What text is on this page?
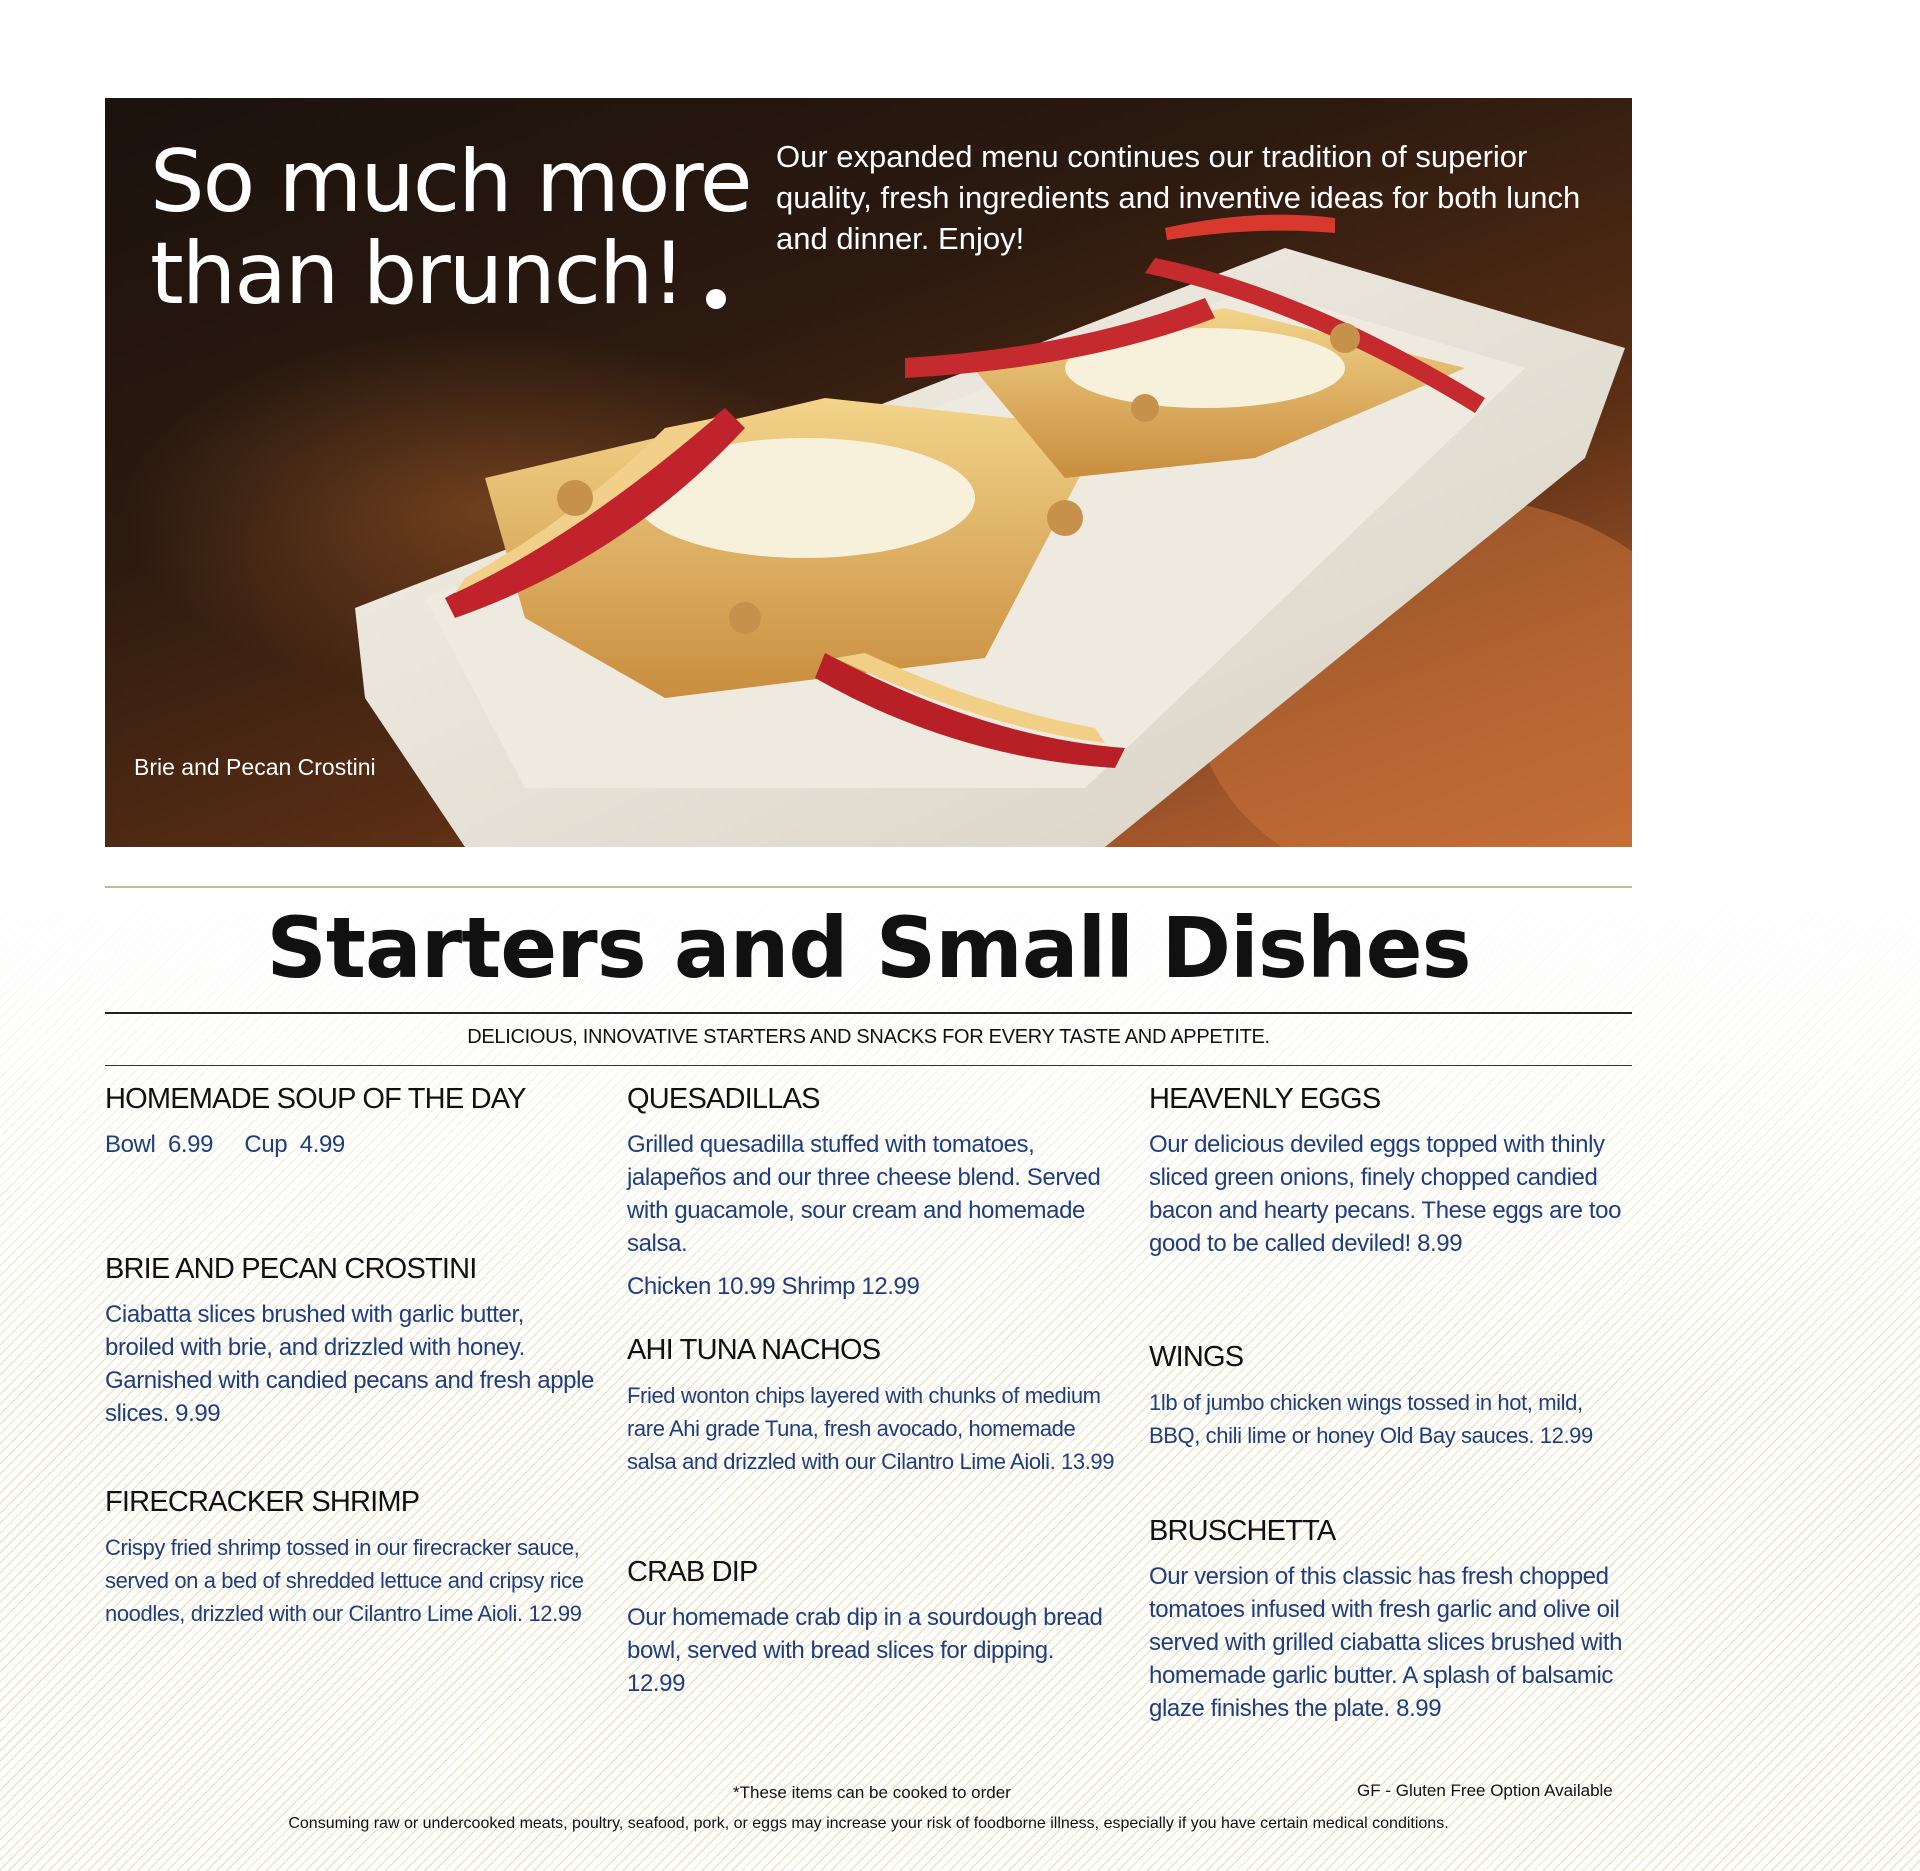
So much more
than brunch!
Our expanded menu continues our tradition of superior quality, fresh ingredients and inventive ideas for both lunch and dinner. Enjoy!
Brie and Pecan Crostini
Starters and Small Dishes
DELICIOUS, INNOVATIVE STARTERS AND SNACKS FOR EVERY TASTE AND APPETITE.
HOMEMADE SOUP OF THE DAY

Bowl  6.99     Cup  4.99

BRIE AND PECAN CROSTINI

Ciabatta slices brushed with garlic butter, broiled with brie, and drizzled with honey. Garnished with candied pecans and fresh apple slices. 9.99

FIRECRACKER SHRIMP

Crispy fried shrimp tossed in our firecracker sauce, served on a bed of shredded lettuce and cripsy rice noodles, drizzled with our Cilantro Lime Aioli. 12.99

QUESADILLAS

Grilled quesadilla stuffed with tomatoes, jalapeños and our three cheese blend. Served with guacamole, sour cream and homemade salsa.

Chicken 10.99 Shrimp 12.99

AHI TUNA NACHOS

Fried wonton chips layered with chunks of medium rare Ahi grade Tuna, fresh avocado, homemade salsa and drizzled with our Cilantro Lime Aioli. 13.99

CRAB DIP

Our homemade crab dip in a sourdough bread bowl, served with bread slices for dipping. 12.99

HEAVENLY EGGS

Our delicious deviled eggs topped with thinly sliced green onions, finely chopped candied bacon and hearty pecans. These eggs are too good to be called deviled! 8.99

WINGS

1lb of jumbo chicken wings tossed in hot, mild, BBQ, chili lime or honey Old Bay sauces. 12.99

BRUSCHETTA

Our version of this classic has fresh chopped tomatoes infused with fresh garlic and olive oil served with grilled ciabatta slices brushed with homemade garlic butter. A splash of balsamic glaze finishes the plate. 8.99

*These items can be cooked to order	GF - Gluten Free Option Available
Consuming raw or undercooked meats, poultry, seafood, pork, or eggs may increase your risk of foodborne illness, especially if you have certain medical conditions.
